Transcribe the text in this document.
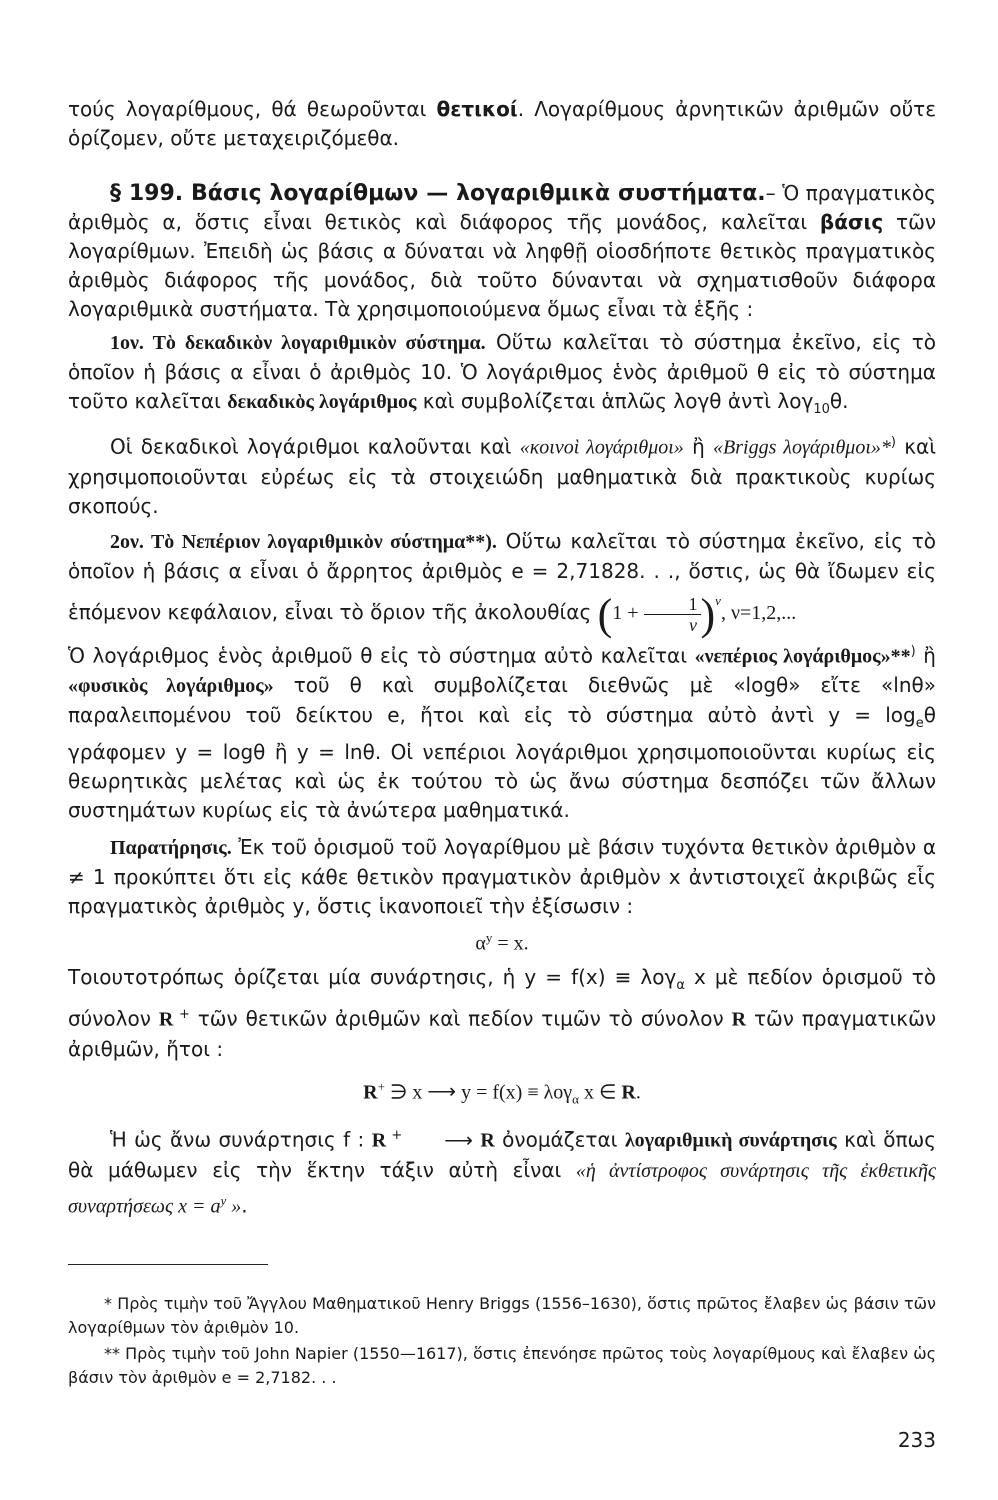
τούς λογαρίθμους, θά θεωροῦνται θετικοί. Λογαρίθμους ἀρνητικῶν ἀριθμῶν οὔτε ὁρίζομεν, οὔτε μεταχειριζόμεθα.

§ 199. Βάσις λογαρίθμων — λογαριθμικὰ συστήματα.– Ὁ πραγματικὸς ἀριθμὸς α, ὅστις εἶναι θετικὸς καὶ διάφορος τῆς μονάδος, καλεῖται βάσις τῶν λογαρίθμων. Ἐπειδὴ ὡς βάσις α δύναται νὰ ληφθῇ οἱοσδήποτε θετικὸς πραγματικὸς ἀριθμὸς διάφορος τῆς μονάδος, διὰ τοῦτο δύνανται νὰ σχηματισθοῦν διάφορα λογαριθμικὰ συστήματα. Τὰ χρησιμοποιούμενα ὅμως εἶναι τὰ ἑξῆς :

1ον. Τὸ δεκαδικὸν λογαριθμικὸν σύστημα. Οὕτω καλεῖται τὸ σύστημα ἐκεῖνο, εἰς τὸ ὁποῖον ἡ βάσις α εἶναι ὁ ἀριθμὸς 10. Ὁ λογάριθμος ἑνὸς ἀριθμοῦ θ εἰς τὸ σύστημα τοῦτο καλεῖται δεκαδικὸς λογάριθμος καὶ συμβολίζεται ἁπλῶς λογθ ἀντὶ λογ$_{10}$θ.

Οἱ δεκαδικοὶ λογάριθμοι καλοῦνται καὶ «κοινοὶ λογάριθμοι» ἢ «Briggs λογάριθμοι»*) καὶ χρησιμοποιοῦνται εὐρέως εἰς τὰ στοιχειώδη μαθηματικὰ διὰ πρακτικοὺς κυρίως σκοπούς.

2ον. Τὸ Νεπέριον λογαριθμικὸν σύστημα**). Οὕτω καλεῖται τὸ σύστημα ἐκεῖνο, εἰς τὸ ὁποῖον ἡ βάσις α εἶναι ὁ ἄρρητος ἀριθμὸς e = 2,71828. . ., ὅστις, ὡς θὰ ἴδωμεν εἰς ἑπόμενον κεφάλαιον, εἶναι τὸ ὅριον τῆς ἀκολουθίας $(1 + \frac{1}{\nu} )^\nu$, ν=1,2,...

Ὁ λογάριθμος ἑνὸς ἀριθμοῦ θ εἰς τὸ σύστημα αὐτὸ καλεῖται «νεπέριος λογάριθμος»**) ἢ «φυσικὸς λογάριθμος» τοῦ θ καὶ συμβολίζεται διεθνῶς μὲ «logθ» εἴτε «lnθ» παραλειπομένου τοῦ δείκτου e, ἤτοι καὶ εἰς τὸ σύστημα αὐτὸ ἀντὶ $y = \log_e\theta$ γράφομεν y = logθ ἢ y = lnθ. Οἱ νεπέριοι λογάριθμοι χρησιμοποιοῦνται κυρίως εἰς θεωρητικὰς μελέτας καὶ ὡς ἐκ τούτου τὸ ὡς ἄνω σύστημα δεσπόζει τῶν ἄλλων συστημάτων κυρίως εἰς τὰ ἀνώτερα μαθηματικά.

Παρατήρησις. Ἐκ τοῦ ὁρισμοῦ τοῦ λογαρίθμου μὲ βάσιν τυχόντα θετικὸν ἀριθμὸν α ≠ 1 προκύπτει ὅτι εἰς κάθε θετικὸν πραγματικὸν ἀριθμὸν x ἀντιστοιχεῖ ἀκριβῶς εἷς πραγματικὸς ἀριθμὸς y, ὅστις ἱκανοποιεῖ τὴν ἐξίσωσιν :

$\alpha^y = x$.

Τοιουτοτρόπως ὁρίζεται μία συνάρτησις, ἡ y = f(x) ≡ λογ$_\alpha$ x μὲ πεδίον ὁρισμοῦ τὸ σύνολον R + τῶν θετικῶν ἀριθμῶν καὶ πεδίον τιμῶν τὸ σύνολον R τῶν πραγματικῶν ἀριθμῶν, ἤτοι :

R+ ∋ x ⟶ y = f(x) ≡ λογ$_\alpha$ x ∈ R.

Ἡ ὡς ἄνω συνάρτησις f : R + ⟶ R ὀνομάζεται λογαριθμικὴ συνάρτησις καὶ ὅπως θὰ μάθωμεν εἰς τὴν ἕκτην τάξιν αὐτὴ εἶναι «ἡ ἀντίστροφος συνάρτησις τῆς ἐκθετικῆς συναρτήσεως $x = a^y$ ».

* Πρὸς τιμὴν τοῦ Ἄγγλου Μαθηματικοῦ Henry Briggs (1556–1630), ὅστις πρῶτος ἔλαβεν ὡς βάσιν τῶν λογαρίθμων τὸν ἀριθμὸν 10.

** Πρὸς τιμὴν τοῦ John Napier (1550—1617), ὅστις ἐπενόησε πρῶτος τοὺς λογαρίθμους καὶ ἔλαβεν ὡς βάσιν τὸν ἀριθμὸν e = 2,7182. . .

233
